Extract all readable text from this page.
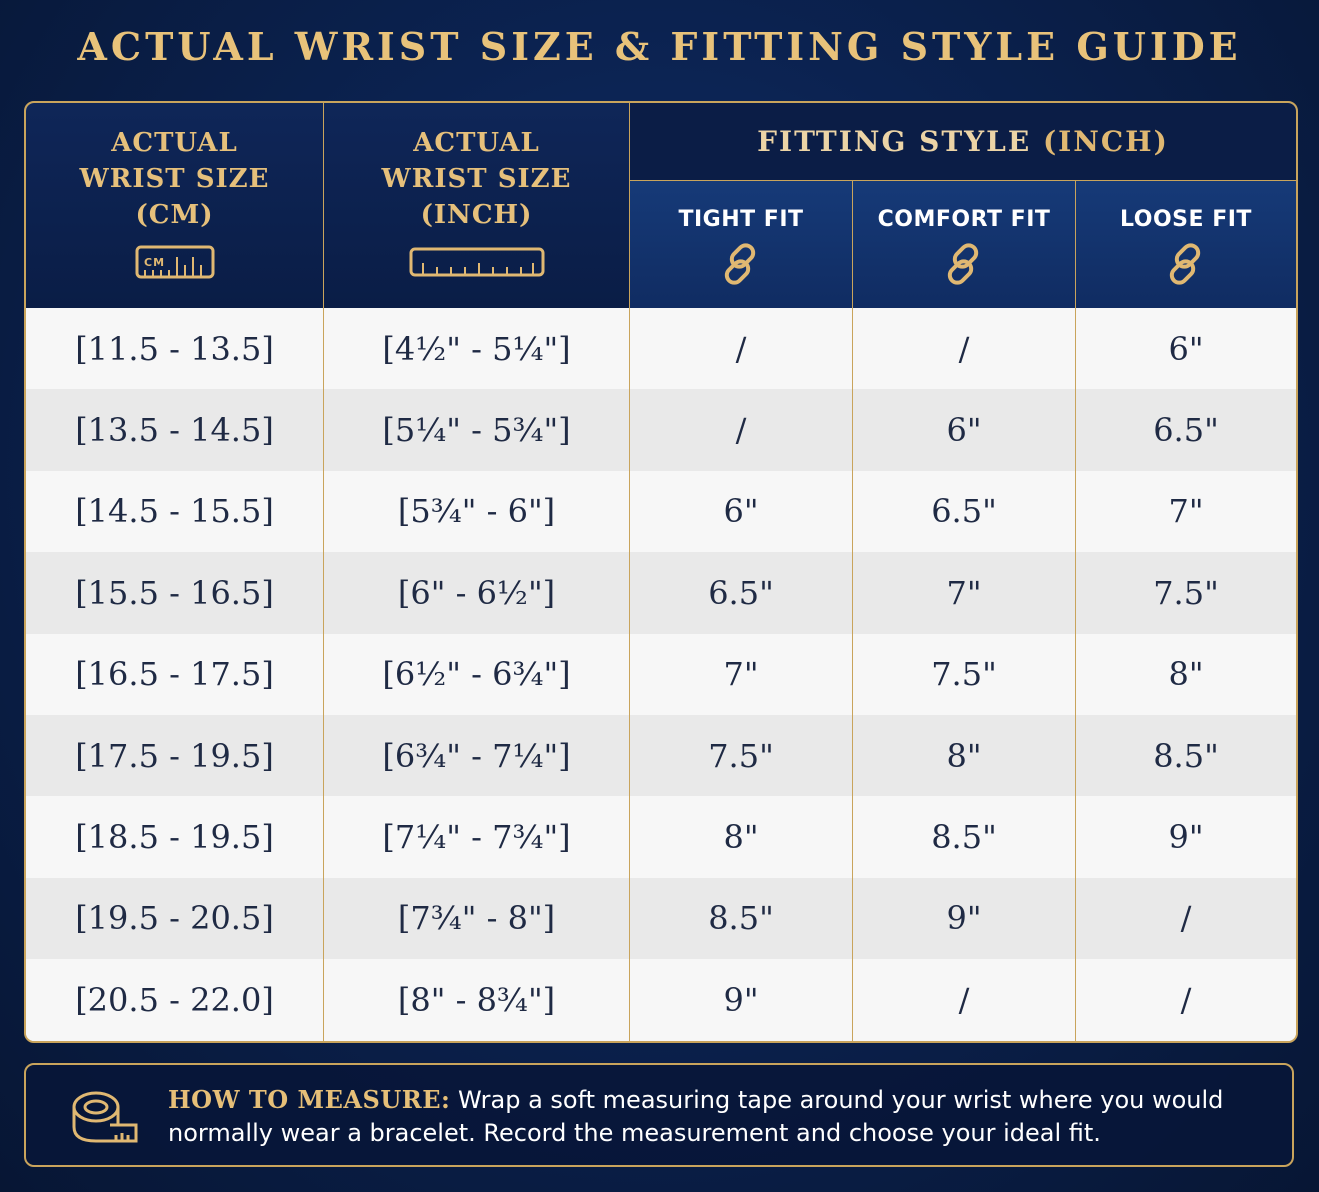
ACTUAL WRIST SIZE & FITTING STYLE GUIDE
ACTUAL
WRIST SIZE
(CM)
CM
ACTUAL
WRIST SIZE
(INCH)
FITTING STYLE (INCH)
TIGHT FIT	COMFORT FIT	LOOSE FIT
[11.5 - 13.5]	[4½" - 5¼"]	/	/	6"
[13.5 - 14.5]	[5¼" - 5¾"]	/	6"	6.5"
[14.5 - 15.5]	[5¾" - 6"]	6"	6.5"	7"
[15.5 - 16.5]	[6" - 6½"]	6.5"	7"	7.5"
[16.5 - 17.5]	[6½" - 6¾"]	7"	7.5"	8"
[17.5 - 19.5]	[6¾" - 7¼"]	7.5"	8"	8.5"
[18.5 - 19.5]	[7¼" - 7¾"]	8"	8.5"	9"
[19.5 - 20.5]	[7¾" - 8"]	8.5"	9"	/
[20.5 - 22.0]	[8" - 8¾"]	9"	/	/
HOW TO MEASURE: Wrap a soft measuring tape around your wrist where you would normally wear a bracelet. Record the measurement and choose your ideal fit.
